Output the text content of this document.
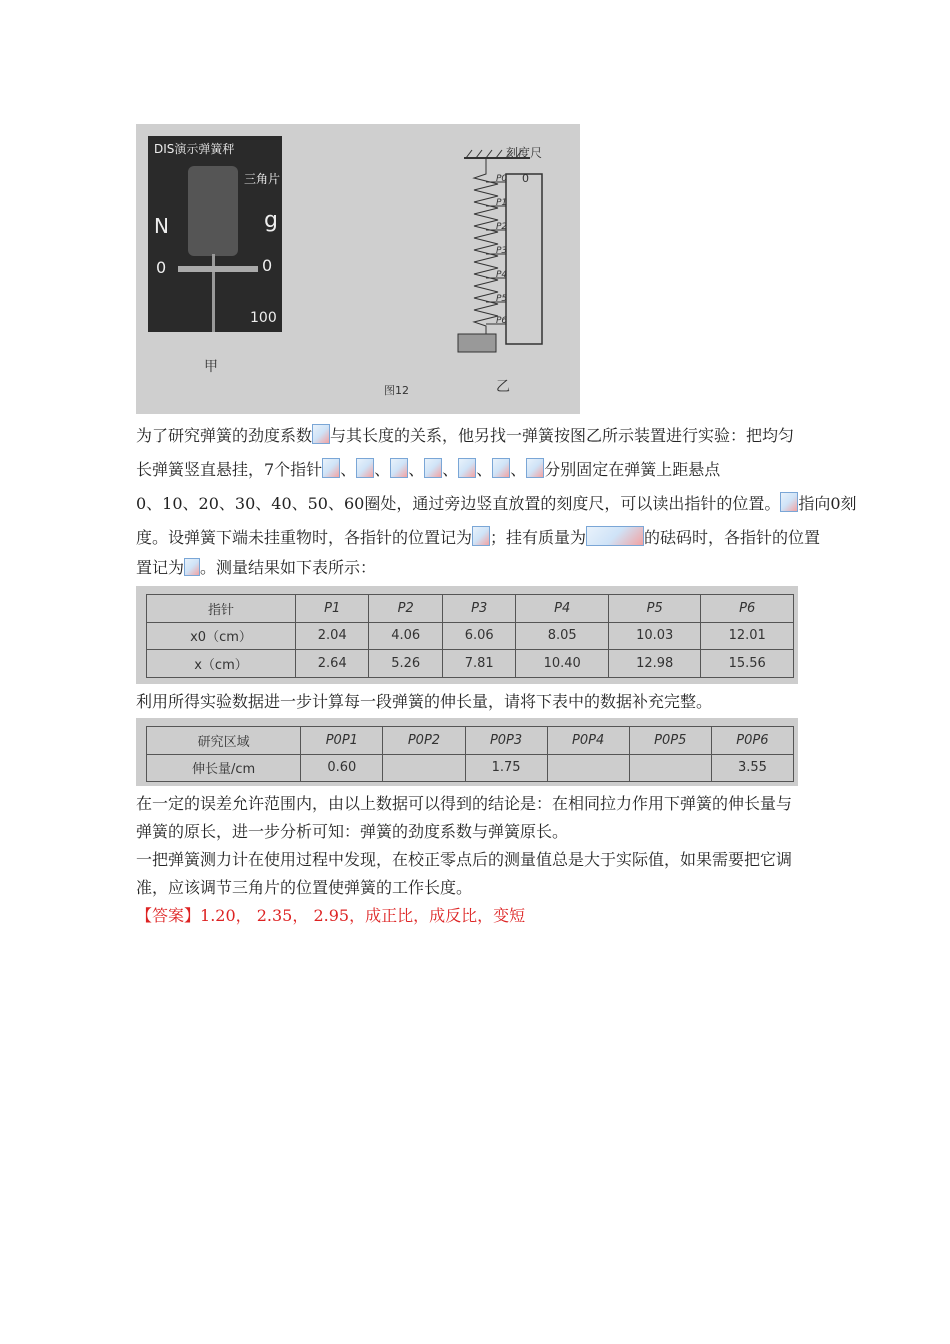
DIS演示弹簧秤
三角片
N	g
0	0
100
甲
图12
刻度尺
0
P0
P1
P2
P3
P4
P5
P6
乙
为了研究弹簧的劲度系数 与其长度的关系，他另找一弹簧按图乙所示装置进行实验：把均匀
长弹簧竖直悬挂，7个指针 、 、 、 、 、 、 分别固定在弹簧上距悬点
0、10、20、30、40、50、60圈处，通过旁边竖直放置的刻度尺，可以读出指针的位置。 指向0刻
度。设弹簧下端未挂重物时，各指针的位置记为 ；挂有质量为	的砝码时，各指针的位置
置记为 。测量结果如下表所示：
指针	P1	P2	P3	P4	P5	P6
x0（cm）	2.04	4.06	6.06	8.05	10.03	12.01
x（cm）	2.64	5.26	7.81	10.40	12.98	15.56
利用所得实验数据进一步计算每一段弹簧的伸长量，请将下表中的数据补充完整。
研究区域	P0P1	P0P2	P0P3	P0P4	P0P5	P0P6
伸长量/cm	0.60		1.75			3.55
在一定的误差允许范围内，由以上数据可以得到的结论是：在相同拉力作用下弹簧的伸长量与
弹簧的原长，进一步分析可知：弹簧的劲度系数与弹簧原长。
一把弹簧测力计在使用过程中发现，在校正零点后的测量值总是大于实际值，如果需要把它调
准，应该调节三角片的位置使弹簧的工作长度。
【答案】1.20， 2.35， 2.95，成正比，成反比，变短
